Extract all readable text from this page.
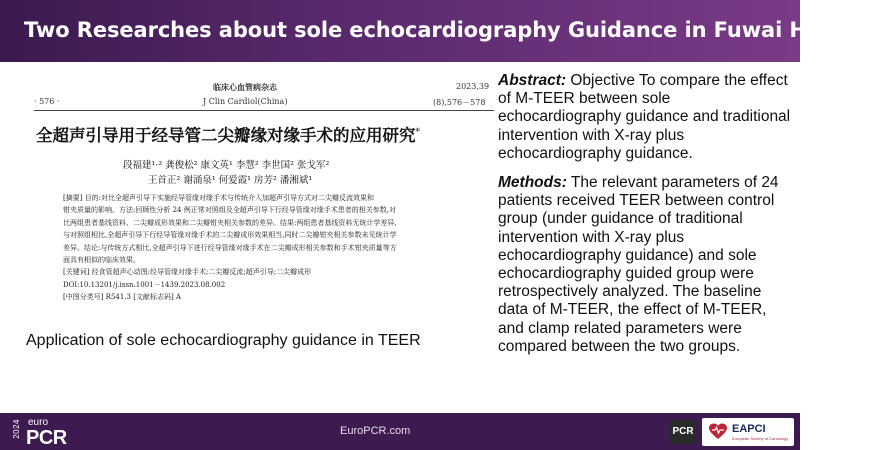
Two Researches about sole echocardiography Guidance in Fuwai Hospital
临床心血管病杂志	2023,39
· 576 ·	J Clin Cardiol(China)	(8),576－578
全超声引导用于经导管二尖瓣缘对缘手术的应用研究*
段福建¹·² 龚俊松² 康文英¹ 李慧² 李世国² 张戈军²
王首正² 谢涌泉¹ 何爱霞¹ 房芳² 潘湘斌¹
[摘要] 目的:对比全超声引导下实施经导管缘对缘手术与传统介入加超声引导方式对二尖瓣反流效果和
钳夹质量的影响。方法:回顾性分析 24 例正常对照组及全超声引导下行经导管缘对缘手术患者的相关参数,对
比两组患者基线资料、二尖瓣成形效果和二尖瓣钳夹相关参数的差异。结果:两组患者基线资料无统计学差异,
与对照组相比,全超声引导下行经导管缘对缘手术的二尖瓣成形效果相当,同时二尖瓣钳夹相关参数未见统计学
差异。结论:与传统方式相比,全超声引导下进行经导管缘对缘手术在二尖瓣成形相关参数和手术钳夹质量等方
面具有相似的临床效果。
[关键词] 经食管超声心动图;经导管缘对缘手术;二尖瓣反流;超声引导;二尖瓣成形
DOI:10.13201/j.issn.1001－1439.2023.08.002
[中图分类号] R541.3 [文献标志码] A
Application of sole echocardiography guidance in TEER

Abstract: Objective To compare the effect of M-TEER between sole echocardiography guidance and traditional intervention with X-ray plus echocardiography guidance.

Methods: The relevant parameters of 24 patients received TEER between control group (under guidance of traditional intervention with X-ray plus echocardiography guidance) and sole echocardiography guided group were retrospectively analyzed. The baseline data of M-TEER, the effect of M-TEER, and clamp related parameters were compared between the two groups.

2024 euro
PCR	EuroPCR.com	PCR	EAPCI
European Society of Cardiology
